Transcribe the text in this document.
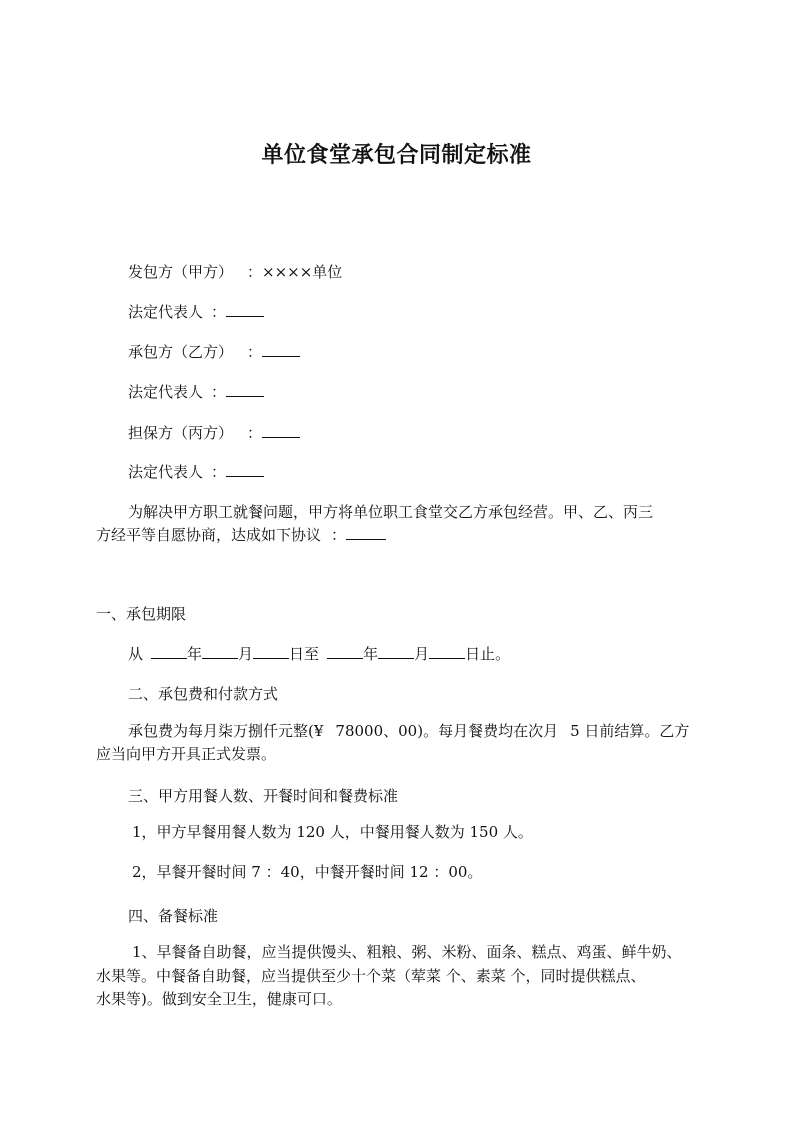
单位食堂承包合同制定标准
发包方（甲方） ：××××单位
法定代表人 ：
承包方（乙方） ：
法定代表人 ：
担保方（丙方） ：
法定代表人 ：
为解决甲方职工就餐问题，甲方将单位职工食堂交乙方承包经营。甲、乙、丙三
方经平等自愿协商，达成如下协议 ：
一、承包期限
从	年 月 日至	年 月 日止。
二、承包费和付款方式
承包费为每月柒万捌仟元整(¥ 78000、00)。每月餐费均在次月 5 日前结算。乙方
应当向甲方开具正式发票。
三、甲方用餐人数、开餐时间和餐费标准
1，甲方早餐用餐人数为 120 人，中餐用餐人数为 150 人。
2，早餐开餐时间 7 ：40，中餐开餐时间 12 ：00。
四、备餐标准
1、早餐备自助餐，应当提供馒头、粗粮、粥、米粉、面条、糕点、鸡蛋、鲜牛奶、
水果等。中餐备自助餐，应当提供至少十个菜（荤菜 个、素菜 个，同时提供糕点、
水果等)。做到安全卫生，健康可口。
